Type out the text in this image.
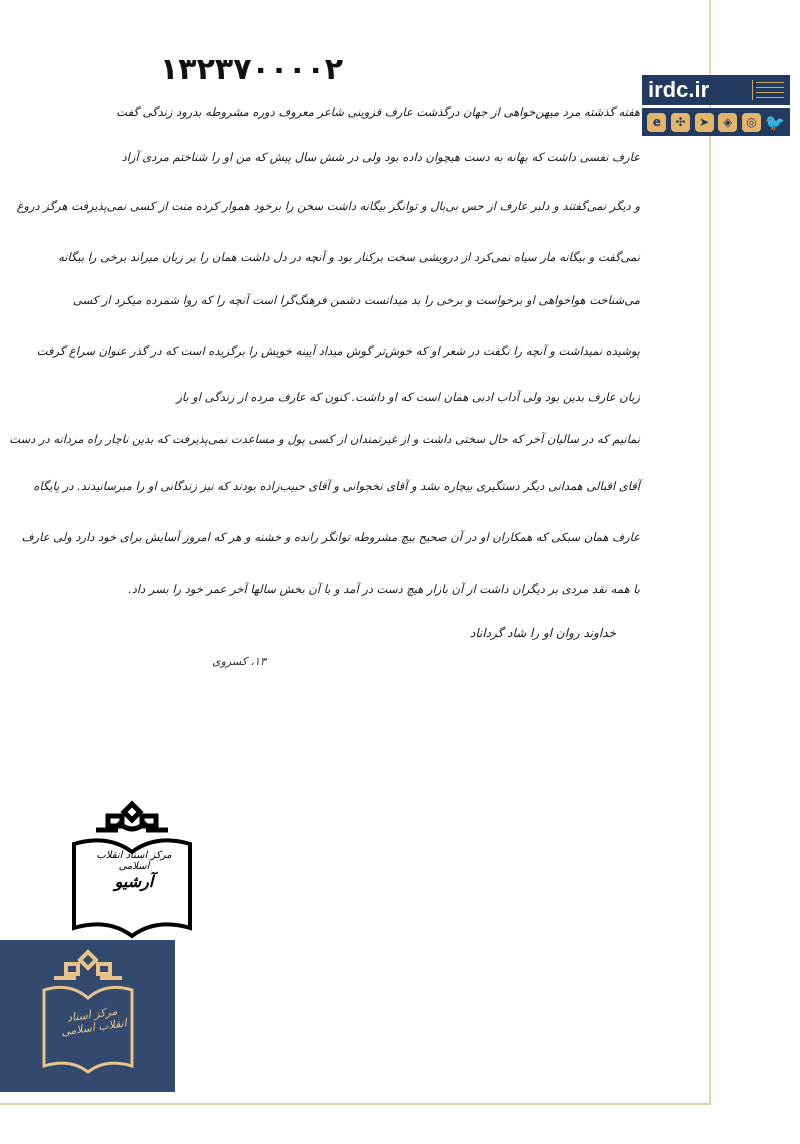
۱۳۲۳۷۰۰۰۰۲
هفته گذشته مرد میهن‌خواهی از جهان درگذشت عارف قزوینی شاعر معروف دوره مشروطه بدرود زندگی گفت
عارف نفسی داشت که بهانه به دست هیچوان داده بود ولی در شش سال پیش که من او را شناختم مردی آزاد
و دیگر نمی‌گفتند و دلبر عارف از حس بی‌بال و توانگر بیگانه داشت سخن را برخود هموار کرده منت از کسی نمی‌پذیرفت هرگز دروغ
نمی‌گفت و بیگانه مار سیاه نمی‌کرد از درویشی سخت برکنار بود و آنچه در دل داشت همان را بر زبان میراند برخی را بیگانه
می‌شناخت هواخواهی او برخواست و برخی را بد میدانست دشمن فرهنگ‌گرا است آنچه را که روا شمرده میکرد از کسی
پوشیده نمیداشت و آنچه را نگفت در شعر او که خوش‌تر گوش میداد آیینه خویش را برگزیده است که در گذر عنوان سراغ گرفت
زبان عارف بدین بود ولی آداب ادبی همان است که او داشت. کنون که عارف مرده از زندگی او باز
نمانیم که در سالیان آخر که حال سختی داشت و از غیرتمندان از کسی پول و مساعدت نمی‌پذیرفت که بدین ناچار راه مردانه در دست
آقای اقبالی همدانی دیگر دستگیری بیچاره بشد و آقای نخجوانی و آقای حبیب‌زاده بودند که نیز زندگانی او را میرسانیدند. در پایگاه
عارف همان سبکی که همکاران او در آن صحیح بیچ مشروطه توانگر رانده و خشنه و هر که امروز آسایش برای خود دارد ولی عارف
با همه نقد مردی بر دیگران داشت از آن بازار هیچ دست در آمد و با آن بخش سالها آخر عمر خود را بسر داد.
خداوند روان او را شاد گرداناد
۱۳، کسروی
irdc.ir
e	✣	➤	◈	◎ 🐦
مرکز اسناد انقلاب اسلامی
آرشیو
مرکز اسناد انقلاب اسلامی
